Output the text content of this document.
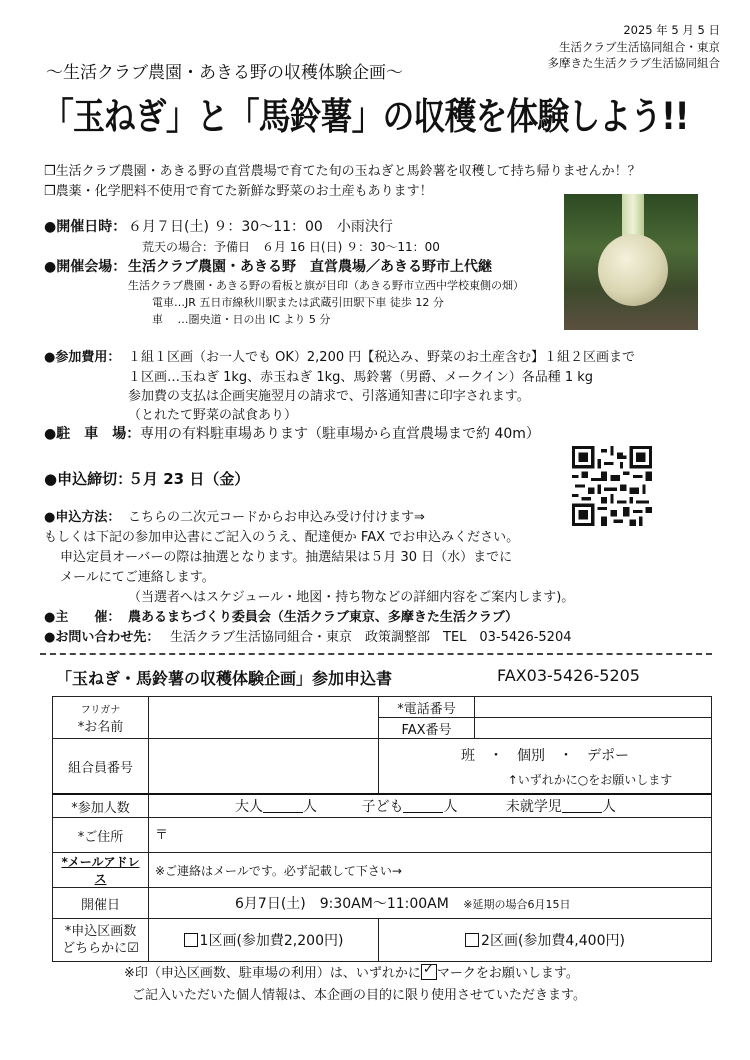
2025 年 5 月 5 日
生活クラブ生活協同組合・東京
多摩きた生活クラブ生活協同組合
〜生活クラブ農園・あきる野の収穫体験企画〜
「玉ねぎ」と「馬鈴薯」の収穫を体験しよう!!
❒生活クラブ農園・あきる野の直営農場で育てた旬の玉ねぎと馬鈴薯を収穫して持ち帰りませんか！？
❒農薬・化学肥料不使用で育てた新鮮な野菜のお土産もあります！
●開催日時： ６月７日(土) ９：30〜11：00　小雨決行
荒天の場合：予備日　６月 16 日(日) ９：30〜11：00
●開催会場： 生活クラブ農園・あきる野　直営農場／あきる野市上代継
生活クラブ農園・あきる野の看板と旗が目印（あきる野市立西中学校東側の畑）
電車…JR 五日市線秋川駅または武蔵引田駅下車 徒歩 12 分
車　 …圏央道・日の出 IC より 5 分
●参加費用： １組１区画（お一人でも OK）2,200 円【税込み、野菜のお土産含む】１組２区画まで
１区画…玉ねぎ 1kg、赤玉ねぎ 1kg、馬鈴薯（男爵、メークイン）各品種 1 kg
参加費の支払は企画実施翌月の請求で、引落通知書に印字されます。
（とれたて野菜の試食あり）
●駐　車　場： 専用の有料駐車場あります（駐車場から直営農場まで約 40m）
●申込締切：
５月 23 日（金）
●申込方法： こちらの二次元コードからお申込み受け付けます⇒
もしくは下記の参加申込書にご記入のうえ、配達便か FAX でお申込みください。
申込定員オーバーの際は抽選となります。抽選結果は５月 30 日（水）までに
メールにてご連絡します。
（当選者へはスケジュール・地図・持ち物などの詳細内容をご案内します)。
●主　　催： 農あるまちづくり委員会（生活クラブ東京、多摩きた生活クラブ）
●お問い合わせ先： 生活クラブ生活協同組合・東京　政策調整部　TEL　03-5426-5204
「玉ねぎ・馬鈴薯の収穫体験企画」参加申込書	FAX03-5426-5205
フリガナ
*お名前		*電話番号	
		FAX番号	
組合員番号		班　・　個別　・　デポー
↑いずれかに○をお願いします	

*参加人数	大人 人 子ども 人 未就学児 人		
*ご住所	〒		
*メールアドレス	※ご連絡はメールです。必ず記載して下さい→		
開催日	6月7日(土)　9:30AM〜11:00AM ※延期の場合6月15日		

*申込区画数
どちらかに☑	1区画(参加費2,200円)	2区画(参加費4,400円)	
※印（申込区画数、駐車場の利用）は、いずれかに ✓ マークをお願いします。
ご記入いただいた個人情報は、本企画の目的に限り使用させていただきます。
